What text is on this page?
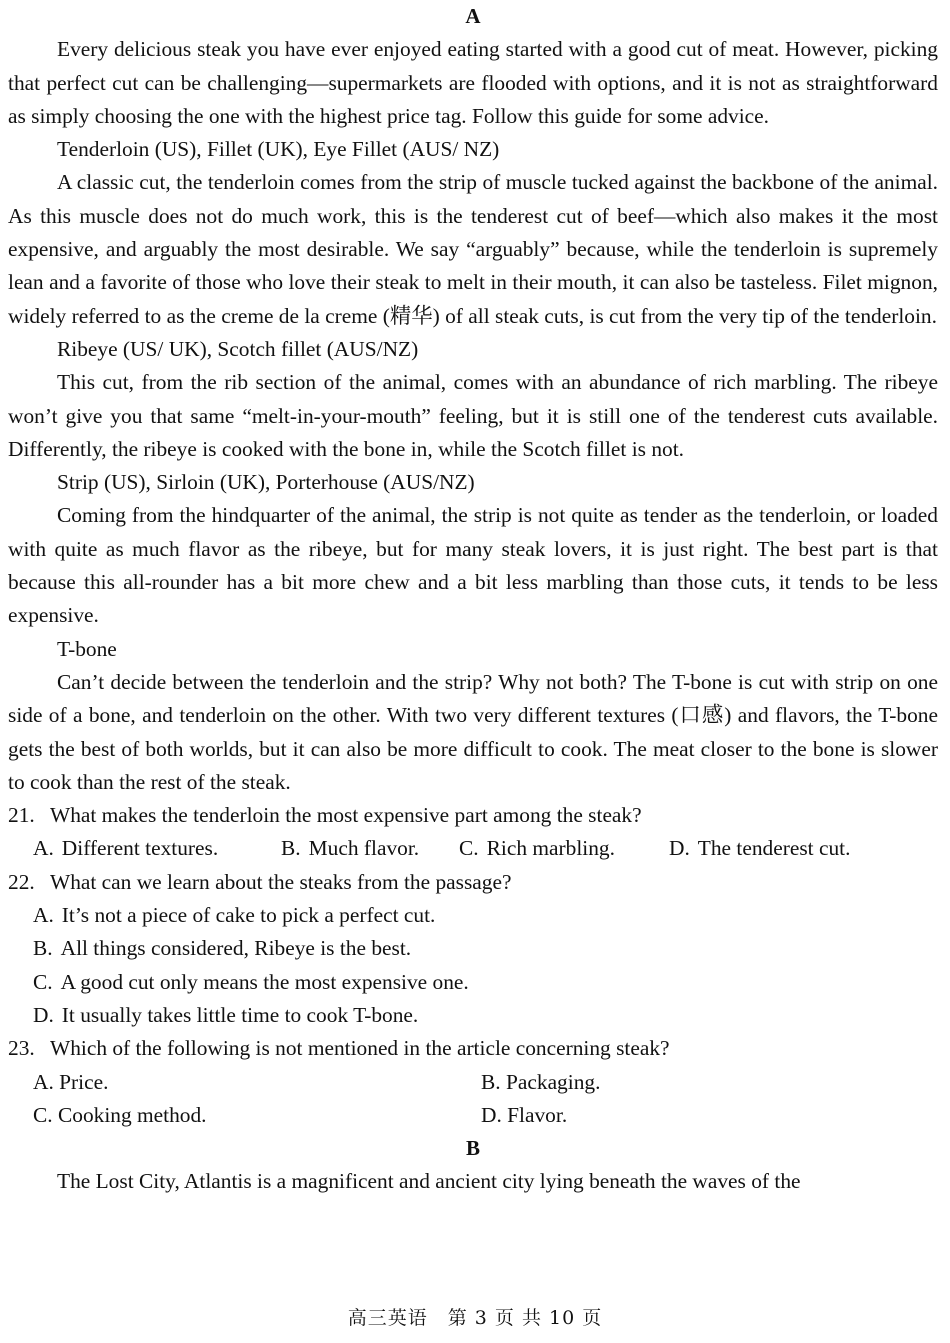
A

Every delicious steak you have ever enjoyed eating started with a good cut of meat. However, picking that perfect cut can be challenging—supermarkets are flooded with options, and it is not as straightforward as simply choosing the one with the highest price tag. Follow this guide for some advice.

Tenderloin (US), Fillet (UK), Eye Fillet (AUS/ NZ)

A classic cut, the tenderloin comes from the strip of muscle tucked against the backbone of the animal. As this muscle does not do much work, this is the tenderest cut of beef—which also makes it the most expensive, and arguably the most desirable. We say “arguably” because, while the tenderloin is supremely lean and a favorite of those who love their steak to melt in their mouth, it can also be tasteless. Filet mignon, widely referred to as the creme de la creme (精华) of all steak cuts, is cut from the very tip of the tenderloin.

Ribeye (US/ UK), Scotch fillet (AUS/NZ)

This cut, from the rib section of the animal, comes with an abundance of rich marbling. The ribeye won’t give you that same “melt-in-your-mouth” feeling, but it is still one of the tenderest cuts available. Differently, the ribeye is cooked with the bone in, while the Scotch fillet is not.

Strip (US), Sirloin (UK), Porterhouse (AUS/NZ)

Coming from the hindquarter of the animal, the strip is not quite as tender as the tenderloin, or loaded with quite as much flavor as the ribeye, but for many steak lovers, it is just right. The best part is that because this all-rounder has a bit more chew and a bit less marbling than those cuts, it tends to be less expensive.

T-bone

Can’t decide between the tenderloin and the strip? Why not both? The T-bone is cut with strip on one side of a bone, and tenderloin on the other. With two very different textures (口感) and flavors, the T-bone gets the best of both worlds, but it can also be more difficult to cook. The meat closer to the bone is slower to cook than the rest of the steak.

21. What makes the tenderloin the most expensive part among the steak?

A. Different textures.	B. Much flavor.	C. Rich marbling.	D. The tenderest cut.

22. What can we learn about the steaks from the passage?

A. It’s not a piece of cake to pick a perfect cut.
B. All things considered, Ribeye is the best.
C. A good cut only means the most expensive one.
D. It usually takes little time to cook T-bone.

23. Which of the following is not mentioned in the article concerning steak?

A. Price.	B. Packaging.
C. Cooking method.	D. Flavor.
B

The Lost City, Atlantis is a magnificent and ancient city lying beneath the waves of the

高三英语　第 3 页 共 10 页
